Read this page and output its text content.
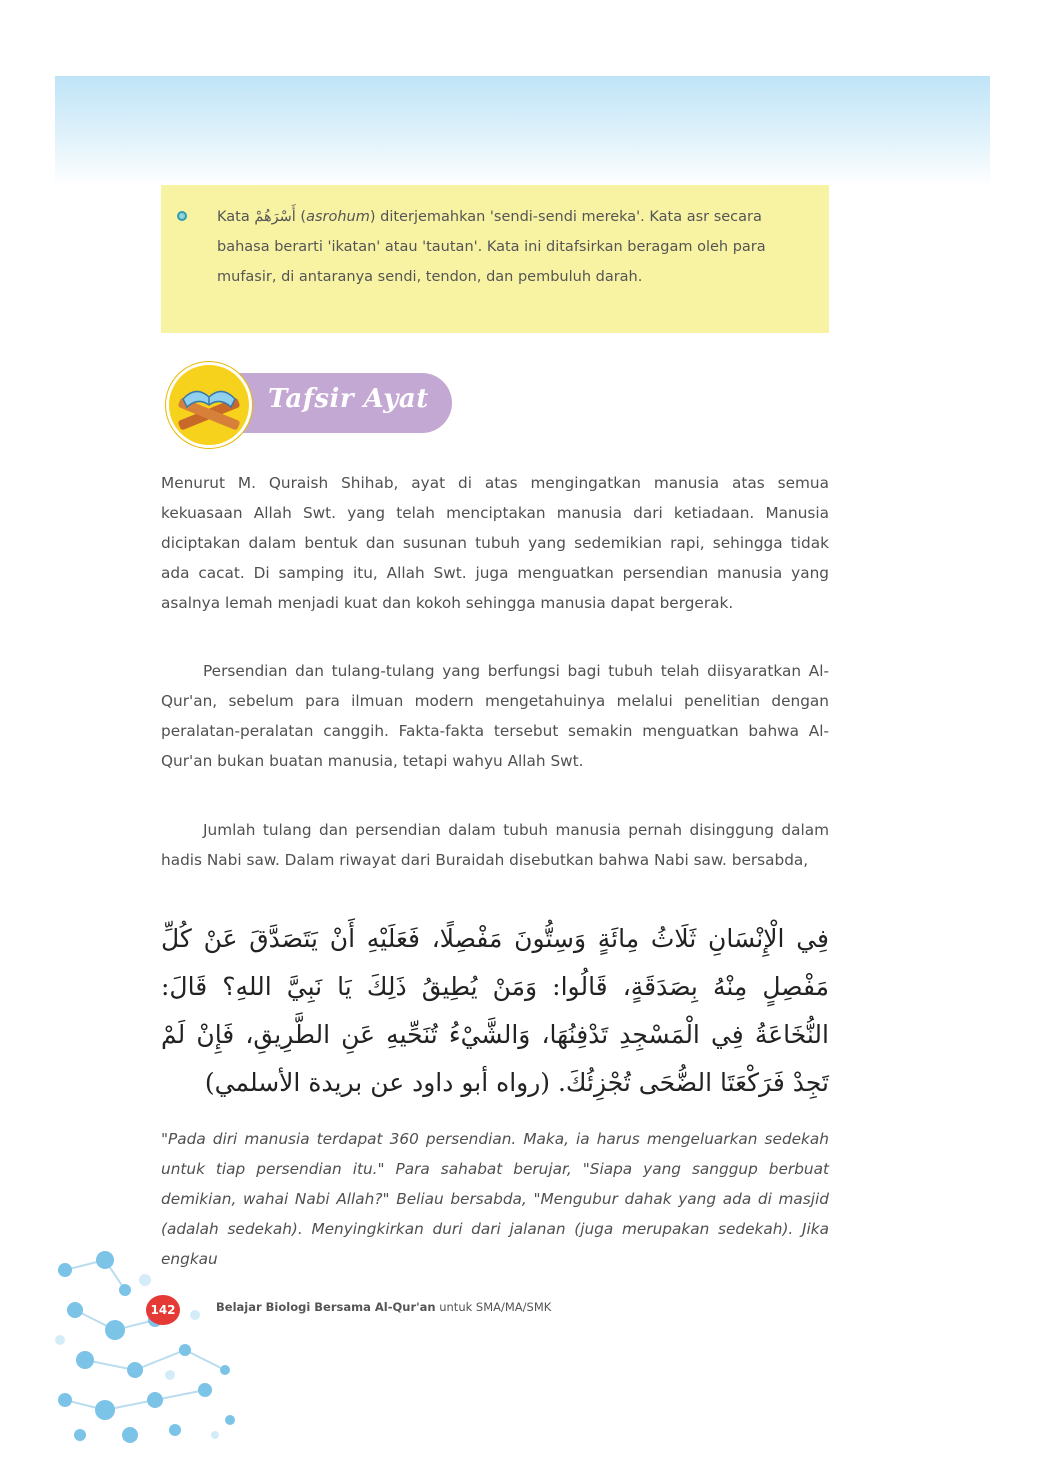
Kata أَسْرَهُمْ (asrohum) diterjemahkan 'sendi-sendi mereka'. Kata asr secara bahasa berarti 'ikatan' atau 'tautan'. Kata ini ditafsirkan beragam oleh para mufasir, di antaranya sendi, tendon, dan pembuluh darah.
Tafsir Ayat
Menurut M. Quraish Shihab, ayat di atas mengingatkan manusia atas semua kekuasaan Allah Swt. yang telah menciptakan manusia dari ketiadaan. Manusia diciptakan dalam bentuk dan susunan tubuh yang sedemikian rapi, sehingga tidak ada cacat. Di samping itu, Allah Swt. juga menguatkan persendian manusia yang asalnya lemah menjadi kuat dan kokoh sehingga manusia dapat bergerak.
Persendian dan tulang-tulang yang berfungsi bagi tubuh telah diisyaratkan Al-Qur'an, sebelum para ilmuan modern mengetahuinya melalui penelitian dengan peralatan-peralatan canggih. Fakta-fakta tersebut semakin menguatkan bahwa Al-Qur'an bukan buatan manusia, tetapi wahyu Allah Swt.
Jumlah tulang dan persendian dalam tubuh manusia pernah disinggung dalam hadis Nabi saw. Dalam riwayat dari Buraidah disebutkan bahwa Nabi saw. bersabda,
فِي الْإِنْسَانِ ثَلَاثُ مِائَةٍ وَسِتُّونَ مَفْصِلًا، فَعَلَيْهِ أَنْ يَتَصَدَّقَ عَنْ كُلِّ مَفْصِلٍ مِنْهُ بِصَدَقَةٍ، قَالُوا: وَمَنْ يُطِيقُ ذَلِكَ يَا نَبِيَّ اللهِ؟ قَالَ: النُّخَاعَةُ فِي الْمَسْجِدِ تَدْفِنُهَا، وَالشَّيْءُ تُنَحِّيهِ عَنِ الطَّرِيقِ، فَإِنْ لَمْ تَجِدْ فَرَكْعَتَا الضُّحَى تُجْزِئُكَ. (رواه أبو داود عن بريدة الأسلمي)
"Pada diri manusia terdapat 360 persendian. Maka, ia harus mengeluarkan sedekah untuk tiap persendian itu." Para sahabat berujar, "Siapa yang sanggup berbuat demikian, wahai Nabi Allah?" Beliau bersabda, "Mengubur dahak yang ada di masjid (adalah sedekah). Menyingkirkan duri dari jalanan (juga merupakan sedekah). Jika engkau
142	Belajar Biologi Bersama Al-Qur'an untuk SMA/MA/SMK
